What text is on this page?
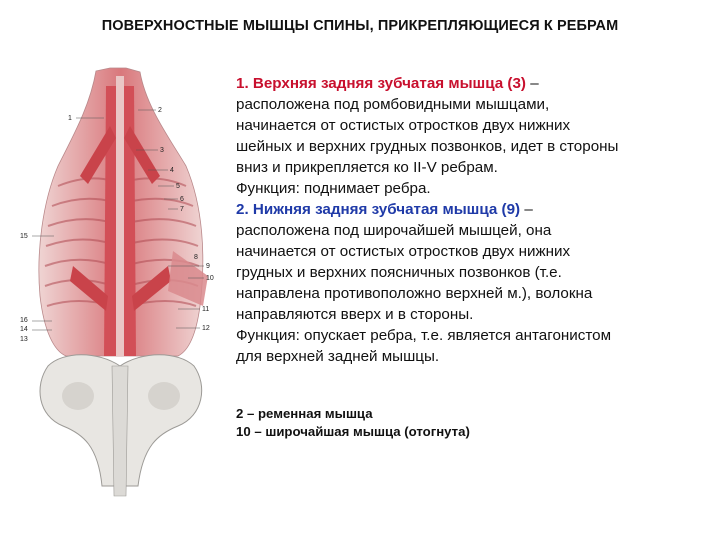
ПОВЕРХНОСТНЫЕ МЫШЦЫ СПИНЫ, ПРИКРЕПЛЯЮЩИЕСЯ К РЕБРАМ
1
2
3
4
5
6
7
8
9
10
11
12
15
16
14
13

1. Верхняя задняя зубчатая мышца (3) –

расположена под ромбовидными мышцами,

начинается от остистых отростков двух нижних

шейных и верхних грудных позвонков, идет в стороны

вниз и прикрепляется ко II-V ребрам.

Функция: поднимает ребра.

2. Нижняя задняя зубчатая мышца (9) –

расположена под широчайшей мышцей, она

начинается от остистых отростков двух нижних

грудных и верхних поясничных позвонков (т.е.

направлена противоположно верхней м.), волокна

направляются вверх и в стороны.

Функция: опускает ребра, т.е. является антагонистом

для верхней задней мышцы.

2 – ременная мышца

10 – широчайшая мышца (отогнута)
